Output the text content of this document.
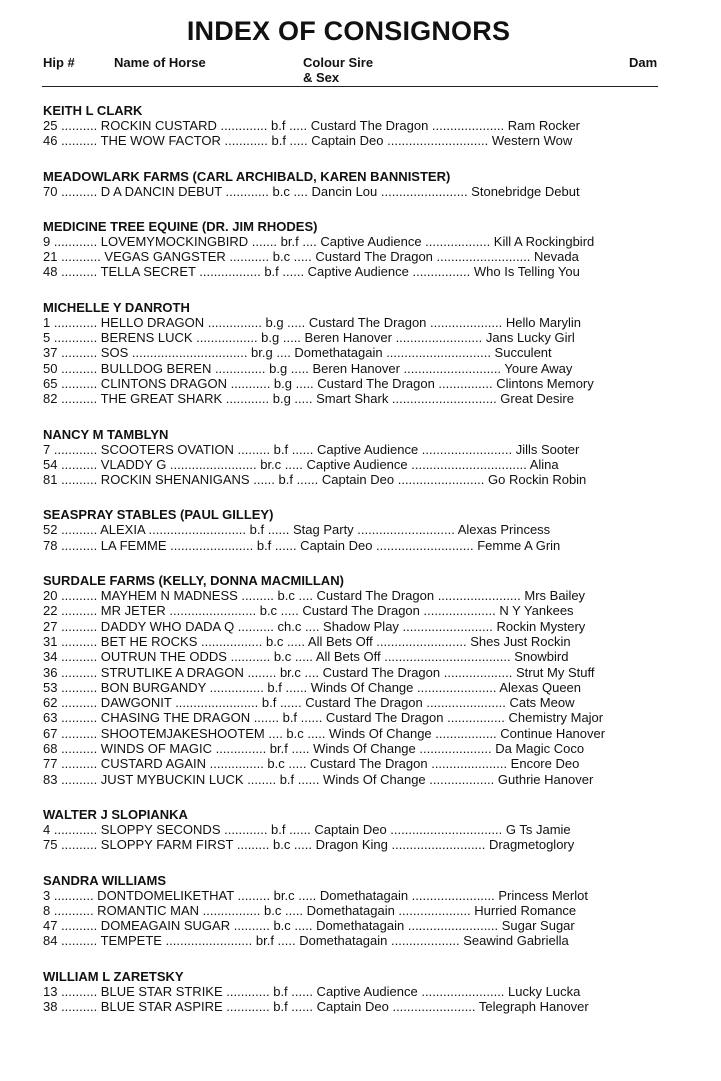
INDEX OF CONSIGNORS
Hip #	Name of Horse	Colour Sire
& Sex
Dam
KEITH L CLARK
25 .......... ROCKIN CUSTARD ............. b.f ..... Custard The Dragon .................... Ram Rocker
46 .......... THE WOW FACTOR ............ b.f ..... Captain Deo ............................ Western Wow
MEADOWLARK FARMS (CARL ARCHIBALD, KAREN BANNISTER)
70 .......... D A DANCIN DEBUT ............ b.c .... Dancin Lou ........................ Stonebridge Debut
MEDICINE TREE EQUINE (DR. JIM RHODES)
9 ............ LOVEMYMOCKINGBIRD ....... br.f .... Captive Audience .................. Kill A Rockingbird
21 ........... VEGAS GANGSTER ........... b.c ..... Custard The Dragon .......................... Nevada
48 .......... TELLA SECRET ................. b.f ...... Captive Audience ................ Who Is Telling You
MICHELLE Y DANROTH
1 ............ HELLO DRAGON ............... b.g ..... Custard The Dragon .................... Hello Marylin
5 ............ BERENS LUCK ................. b.g ..... Beren Hanover ........................ Jans Lucky Girl
37 .......... SOS ................................ br.g .... Domethatagain ............................. Succulent
50 .......... BULLDOG BEREN .............. b.g ..... Beren Hanover ........................... Youre Away
65 .......... CLINTONS DRAGON ........... b.g ..... Custard The Dragon ............... Clintons Memory
82 .......... THE GREAT SHARK ............ b.g ..... Smart Shark ............................. Great Desire
NANCY M TAMBLYN
7 ............ SCOOTERS OVATION ......... b.f ...... Captive Audience ......................... Jills Sooter
54 .......... VLADDY G ........................ br.c ..... Captive Audience ................................ Alina
81 .......... ROCKIN SHENANIGANS ...... b.f ...... Captain Deo ........................ Go Rockin Robin
SEASPRAY STABLES (PAUL GILLEY)
52 .......... ALEXIA ........................... b.f ...... Stag Party ........................... Alexas Princess
78 .......... LA FEMME ....................... b.f ...... Captain Deo ........................... Femme A Grin
SURDALE FARMS (KELLY, DONNA MACMILLAN)
20 .......... MAYHEM N MADNESS ......... b.c .... Custard The Dragon ....................... Mrs Bailey
22 .......... MR JETER ........................ b.c ..... Custard The Dragon .................... N Y Yankees
27 .......... DADDY WHO DADA Q .......... ch.c .... Shadow Play ......................... Rockin Mystery
31 .......... BET HE ROCKS ................. b.c ..... All Bets Off ......................... Shes Just Rockin
34 .......... OUTRUN THE ODDS ........... b.c ..... All Bets Off ................................... Snowbird
36 .......... STRUTLIKE A DRAGON ........ br.c .... Custard The Dragon ................... Strut My Stuff
53 .......... BON BURGANDY ............... b.f ...... Winds Of Change ...................... Alexas Queen
62 .......... DAWGONIT ....................... b.f ...... Custard The Dragon ...................... Cats Meow
63 .......... CHASING THE DRAGON ....... b.f ...... Custard The Dragon ................ Chemistry Major
67 .......... SHOOTEMJAKESHOOTEM .... b.c ..... Winds Of Change ................. Continue Hanover
68 .......... WINDS OF MAGIC .............. br.f ..... Winds Of Change .................... Da Magic Coco
77 .......... CUSTARD AGAIN ............... b.c ..... Custard The Dragon ..................... Encore Deo
83 .......... JUST MYBUCKIN LUCK ........ b.f ...... Winds Of Change .................. Guthrie Hanover
WALTER J SLOPIANKA
4 ............ SLOPPY SECONDS ............ b.f ...... Captain Deo ............................... G Ts Jamie
75 .......... SLOPPY FARM FIRST ......... b.c ..... Dragon King .......................... Dragmetoglory
SANDRA WILLIAMS
3 ........... DONTDOMELIKETHAT ......... br.c ..... Domethatagain ....................... Princess Merlot
8 ........... ROMANTIC MAN ................ b.c ..... Domethatagain .................... Hurried Romance
47 .......... DOMEAGAIN SUGAR .......... b.c ..... Domethatagain ......................... Sugar Sugar
84 .......... TEMPETE ........................ br.f ..... Domethatagain ................... Seawind Gabriella
WILLIAM L ZARETSKY
13 .......... BLUE STAR STRIKE ............ b.f ...... Captive Audience ....................... Lucky Lucka
38 .......... BLUE STAR ASPIRE ............ b.f ...... Captain Deo ....................... Telegraph Hanover
